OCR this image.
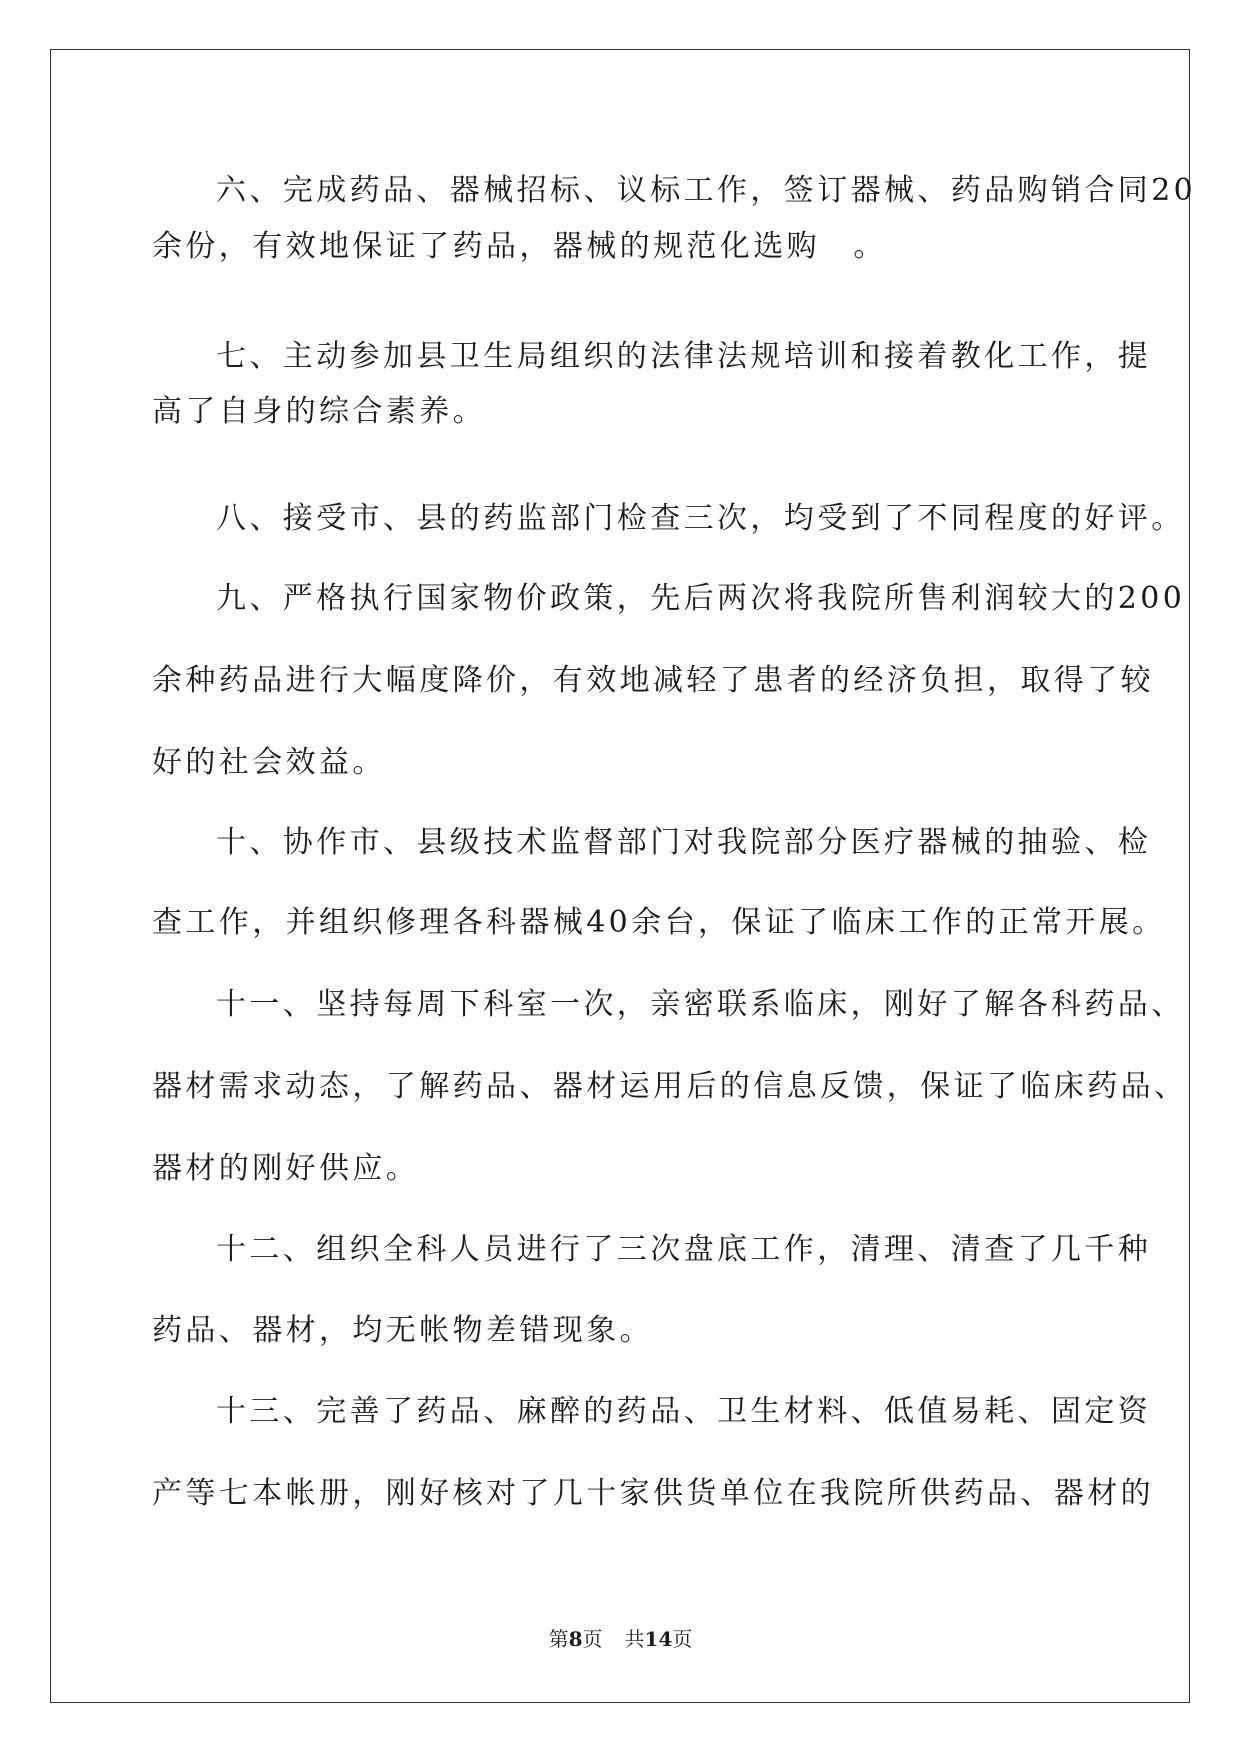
六、完成药品、器械招标、议标工作，签订器械、药品购销合同20
余份，有效地保证了药品，器械的规范化选购　。
七、主动参加县卫生局组织的法律法规培训和接着教化工作，提
高了自身的综合素养。
八、接受市、县的药监部门检查三次，均受到了不同程度的好评。
九、严格执行国家物价政策，先后两次将我院所售利润较大的200
余种药品进行大幅度降价，有效地减轻了患者的经济负担，取得了较
好的社会效益。
十、协作市、县级技术监督部门对我院部分医疗器械的抽验、检
查工作，并组织修理各科器械40余台，保证了临床工作的正常开展。
十一、坚持每周下科室一次，亲密联系临床，刚好了解各科药品、
器材需求动态，了解药品、器材运用后的信息反馈，保证了临床药品、
器材的刚好供应。
十二、组织全科人员进行了三次盘底工作，清理、清查了几千种
药品、器材，均无帐物差错现象。
十三、完善了药品、麻醉的药品、卫生材料、低值易耗、固定资
产等七本帐册，刚好核对了几十家供货单位在我院所供药品、器材的
第8页 共14页
